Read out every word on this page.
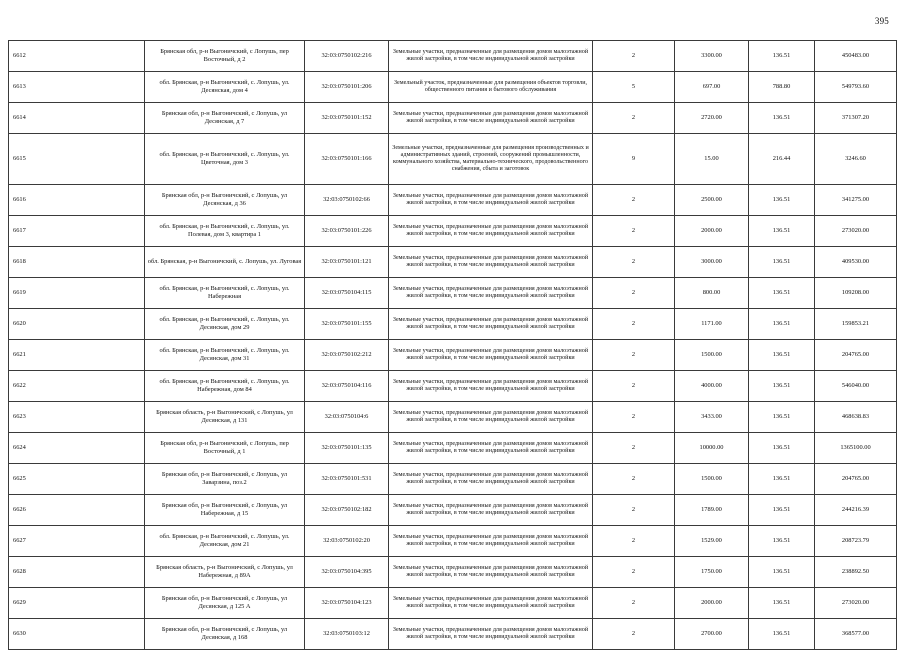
395
6612	Брянская обл, р-н Выгоничский, с Лопушь, пер Восточный, д 2	32:03:0750102:216	Земельные участки, предназначенные для размещения домов малоэтажной жилой застройки, в том числе индивидуальной жилой застройки	2	3300.00	136.51	450483.00
6613	обл. Брянская, р-н Выгоничский, с. Лопушь, ул. Десянская, дом 4	32:03:0750101:206	Земельный участок, предназначенные для размещения объектов торговли, общественного питания и бытового обслуживания	5	697.00	788.80	549793.60
6614	Брянская обл, р-н Выгоничский, с Лопушь, ул Десянская, д 7	32:03:0750101:152	Земельные участки, предназначенные для размещения домов малоэтажной жилой застройки, в том числе индивидуальной жилой застройки	2	2720.00	136.51	371307.20
6615	обл. Брянская, р-н Выгоничский, с. Лопушь, ул. Цветочная, дом 3	32:03:0750101:166	Земельные участки, предназначенные для размещения производственных и административных зданий, строений, сооружений промышленности, коммунального хозяйства, материально-технического, продовольственного снабжения, сбыта и заготовок	9	15.00	216.44	3246.60
6616	Брянская обл, р-н Выгоничский, с Лопушь, ул Десянская, д 36	32:03:0750102:66	Земельные участки, предназначенные для размещения домов малоэтажной жилой застройки, в том числе индивидуальной жилой застройки	2	2500.00	136.51	341275.00
6617	обл. Брянская, р-н Выгоничский, с. Лопушь, ул. Полевая, дом 3, квартира 1	32:03:0750101:226	Земельные участки, предназначенные для размещения домов малоэтажной жилой застройки, в том числе индивидуальной жилой застройки	2	2000.00	136.51	273020.00
6618	обл. Брянская, р-н Выгоничский, с. Лопушь, ул. Луговая	32:03:0750101:121	Земельные участки, предназначенные для размещения домов малоэтажной жилой застройки, в том числе индивидуальной жилой застройки	2	3000.00	136.51	409530.00
6619	обл. Брянская, р-н Выгоничский, с. Лопушь, ул. Набережная	32:03:0750104:115	Земельные участки, предназначенные для размещения домов малоэтажной жилой застройки, в том числе индивидуальной жилой застройки	2	800.00	136.51	109208.00
6620	обл. Брянская, р-н Выгоничский, с. Лопушь, ул. Десянская, дом 29	32:03:0750101:155	Земельные участки, предназначенные для размещения домов малоэтажной жилой застройки, в том числе индивидуальной жилой застройки	2	1171.00	136.51	159853.21
6621	обл. Брянская, р-н Выгоничский, с. Лопушь, ул. Десянская, дом 31	32:03:0750102:212	Земельные участки, предназначенные для размещения домов малоэтажной жилой застройки, в том числе индивидуальной жилой застройки	2	1500.00	136.51	204765.00
6622	обл. Брянская, р-н Выгоничский, с. Лопушь, ул. Набережная, дом 84	32:03:0750104:116	Земельные участки, предназначенные для размещения домов малоэтажной жилой застройки, в том числе индивидуальной жилой застройки	2	4000.00	136.51	546040.00
6623	Брянская область, р-н Выгоничский, с Лопушь, ул Десянская, д 131	32:03:0750104:6	Земельные участки, предназначенные для размещения домов малоэтажной жилой застройки, в том числе индивидуальной жилой застройки	2	3433.00	136.51	468638.83
6624	Брянская обл, р-н Выгоничский, с Лопушь, пер Восточный, д 1	32:03:0750101:135	Земельные участки, предназначенные для размещения домов малоэтажной жилой застройки, в том числе индивидуальной жилой застройки	2	10000.00	136.51	1365100.00
6625	Брянская обл, р-н Выгоничский, с Лопушь, ул Заварзина, поз.2	32:03:0750101:531	Земельные участки, предназначенные для размещения домов малоэтажной жилой застройки, в том числе индивидуальной жилой застройки	2	1500.00	136.51	204765.00
6626	Брянская обл, р-н Выгоничский, с Лопушь, ул Набережная, д 15	32:03:0750102:182	Земельные участки, предназначенные для размещения домов малоэтажной жилой застройки, в том числе индивидуальной жилой застройки	2	1789.00	136.51	244216.39
6627	обл. Брянская, р-н Выгоничский, с. Лопушь, ул. Десянская, дом 21	32:03:0750102:20	Земельные участки, предназначенные для размещения домов малоэтажной жилой застройки, в том числе индивидуальной жилой застройки	2	1529.00	136.51	208723.79
6628	Брянская область, р-н Выгоничский, с Лопушь, ул Набережная, д 89А	32:03:0750104:395	Земельные участки, предназначенные для размещения домов малоэтажной жилой застройки, в том числе индивидуальной жилой застройки	2	1750.00	136.51	238892.50
6629	Брянская обл, р-н Выгоничский, с Лопушь, ул Десянская, д 125 А	32:03:0750104:123	Земельные участки, предназначенные для размещения домов малоэтажной жилой застройки, в том числе индивидуальной жилой застройки	2	2000.00	136.51	273020.00
6630	Брянская обл, р-н Выгоничский, с Лопушь, ул Десянская, д 168	32:03:0750103:12	Земельные участки, предназначенные для размещения домов малоэтажной жилой застройки, в том числе индивидуальной жилой застройки	2	2700.00	136.51	368577.00
